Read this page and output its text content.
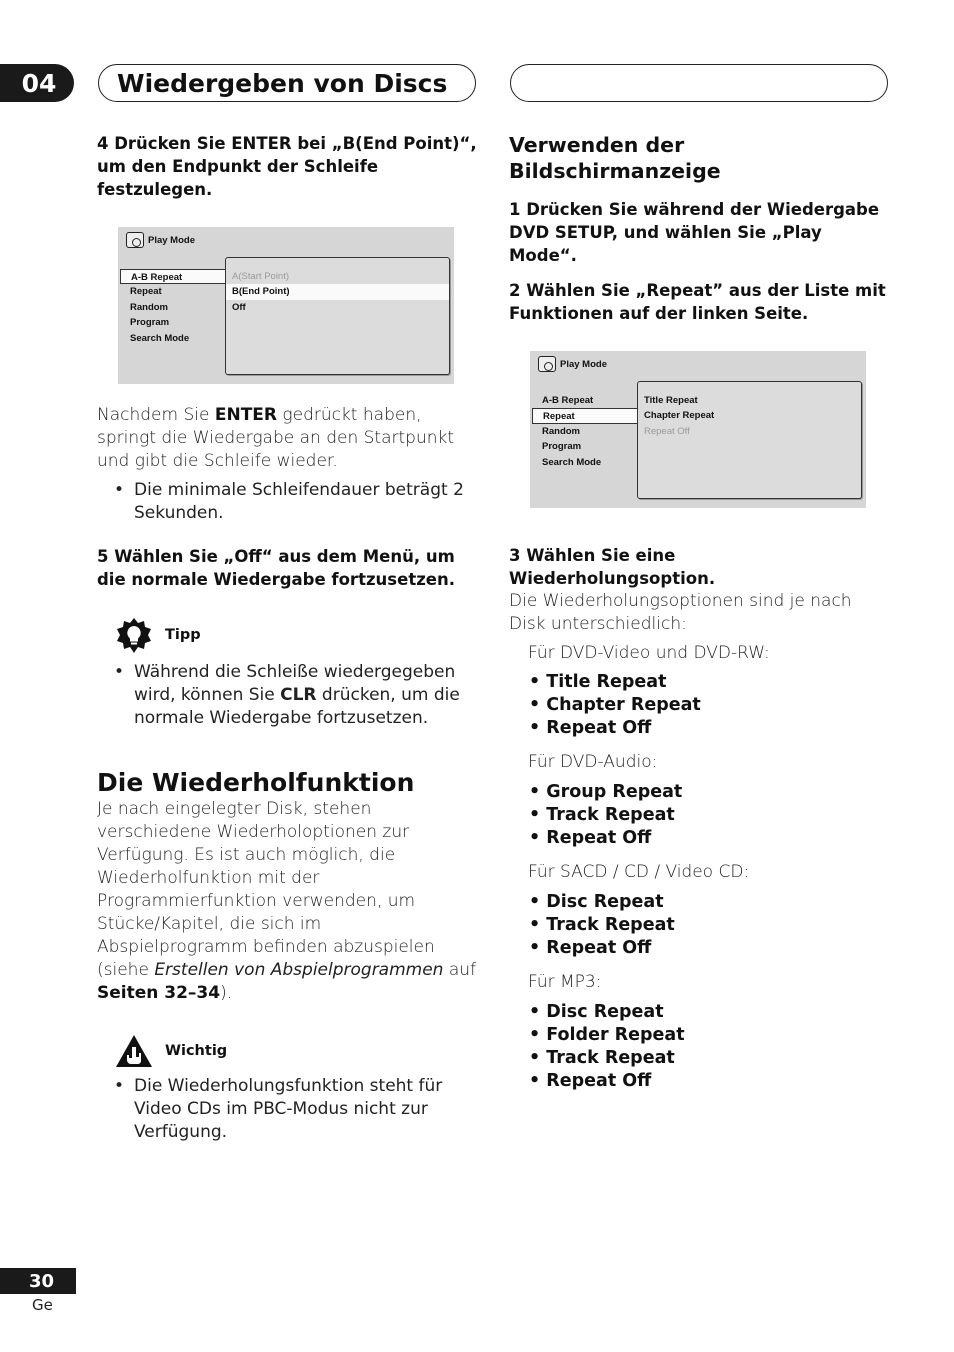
04	Wiedergeben von Discs

4 Drücken Sie ENTER bei „B(End Point)“, um den Endpunkt der Schleife festzulegen.

Play Mode
A-B Repeat
Repeat
Random
Program
Search Mode
A(Start Point)
B(End Point)
Off

Nachdem Sie ENTER gedrückt haben, springt die Wiedergabe an den Startpunkt und gibt die Schleife wieder.

• Die minimale Schleifendauer beträgt 2 Sekunden.

5 Wählen Sie „Off“ aus dem Menü, um die normale Wiedergabe fortzusetzen.

Tipp

• Während die Schleiße wiedergegeben wird, können Sie CLR drücken, um die normale Wiedergabe fortzusetzen.

Die Wiederholfunktion

Je nach eingelegter Disk, stehen verschiedene Wiederholoptionen zur Verfügung. Es ist auch möglich, die Wiederholfunktion mit der Programmierfunktion verwenden, um Stücke/Kapitel, die sich im Abspielprogramm befinden abzuspielen (siehe Erstellen von Abspielprogrammen auf Seiten 32–34).

Wichtig

• Die Wiederholungsfunktion steht für Video CDs im PBC-Modus nicht zur Verfügung.

Verwenden der Bildschirmanzeige

1 Drücken Sie während der Wiedergabe DVD SETUP, und wählen Sie „Play Mode“.

2 Wählen Sie „Repeat” aus der Liste mit Funktionen auf der linken Seite.

Play Mode
A-B Repeat
Repeat
Random
Program
Search Mode
Title Repeat
Chapter Repeat
Repeat Off

3 Wählen Sie eine Wiederholungsoption.

Die Wiederholungsoptionen sind je nach Disk unterschiedlich:

Für DVD-Video und DVD-RW:

• Title Repeat

• Chapter Repeat

• Repeat Off

Für DVD-Audio:

• Group Repeat

• Track Repeat

• Repeat Off

Für SACD / CD / Video CD:

• Disc Repeat

• Track Repeat

• Repeat Off

Für MP3:

• Disc Repeat

• Folder Repeat

• Track Repeat

• Repeat Off

30
Ge
